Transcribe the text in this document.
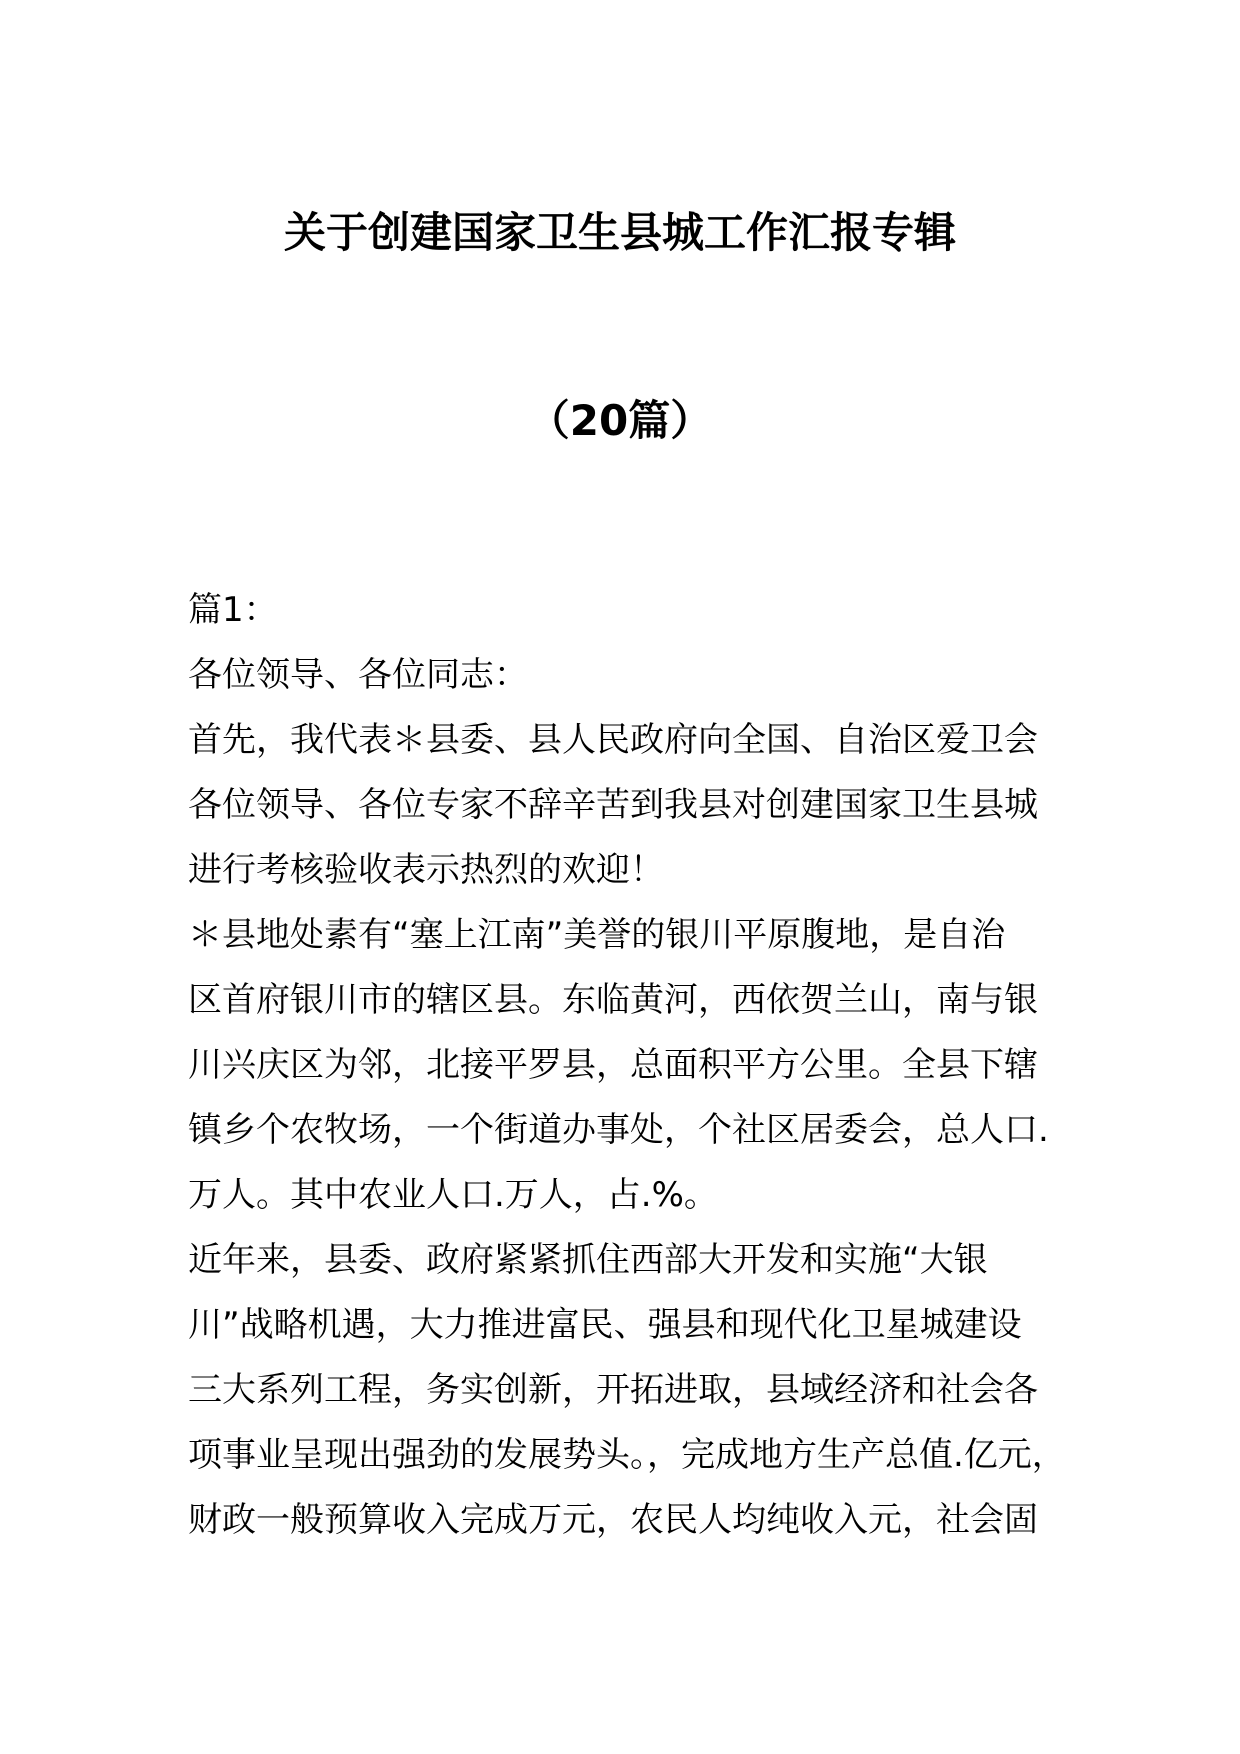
关于创建国家卫生县城工作汇报专辑
（20篇）
篇1：
各位领导、各位同志：
首先，我代表＊县委、县人民政府向全国、自治区爱卫会
各位领导、各位专家不辞辛苦到我县对创建国家卫生县城
进行考核验收表示热烈的欢迎！
＊县地处素有“塞上江南”美誉的银川平原腹地，是自治
区首府银川市的辖区县。东临黄河，西依贺兰山，南与银
川兴庆区为邻，北接平罗县，总面积平方公里。全县下辖
镇乡个农牧场，一个街道办事处，个社区居委会，总人口.
万人。其中农业人口.万人，占.%。
近年来，县委、政府紧紧抓住西部大开发和实施“大银
川”战略机遇，大力推进富民、强县和现代化卫星城建设
三大系列工程，务实创新，开拓进取，县域经济和社会各
项事业呈现出强劲的发展势头。，完成地方生产总值.亿元，
财政一般预算收入完成万元，农民人均纯收入元，社会固
